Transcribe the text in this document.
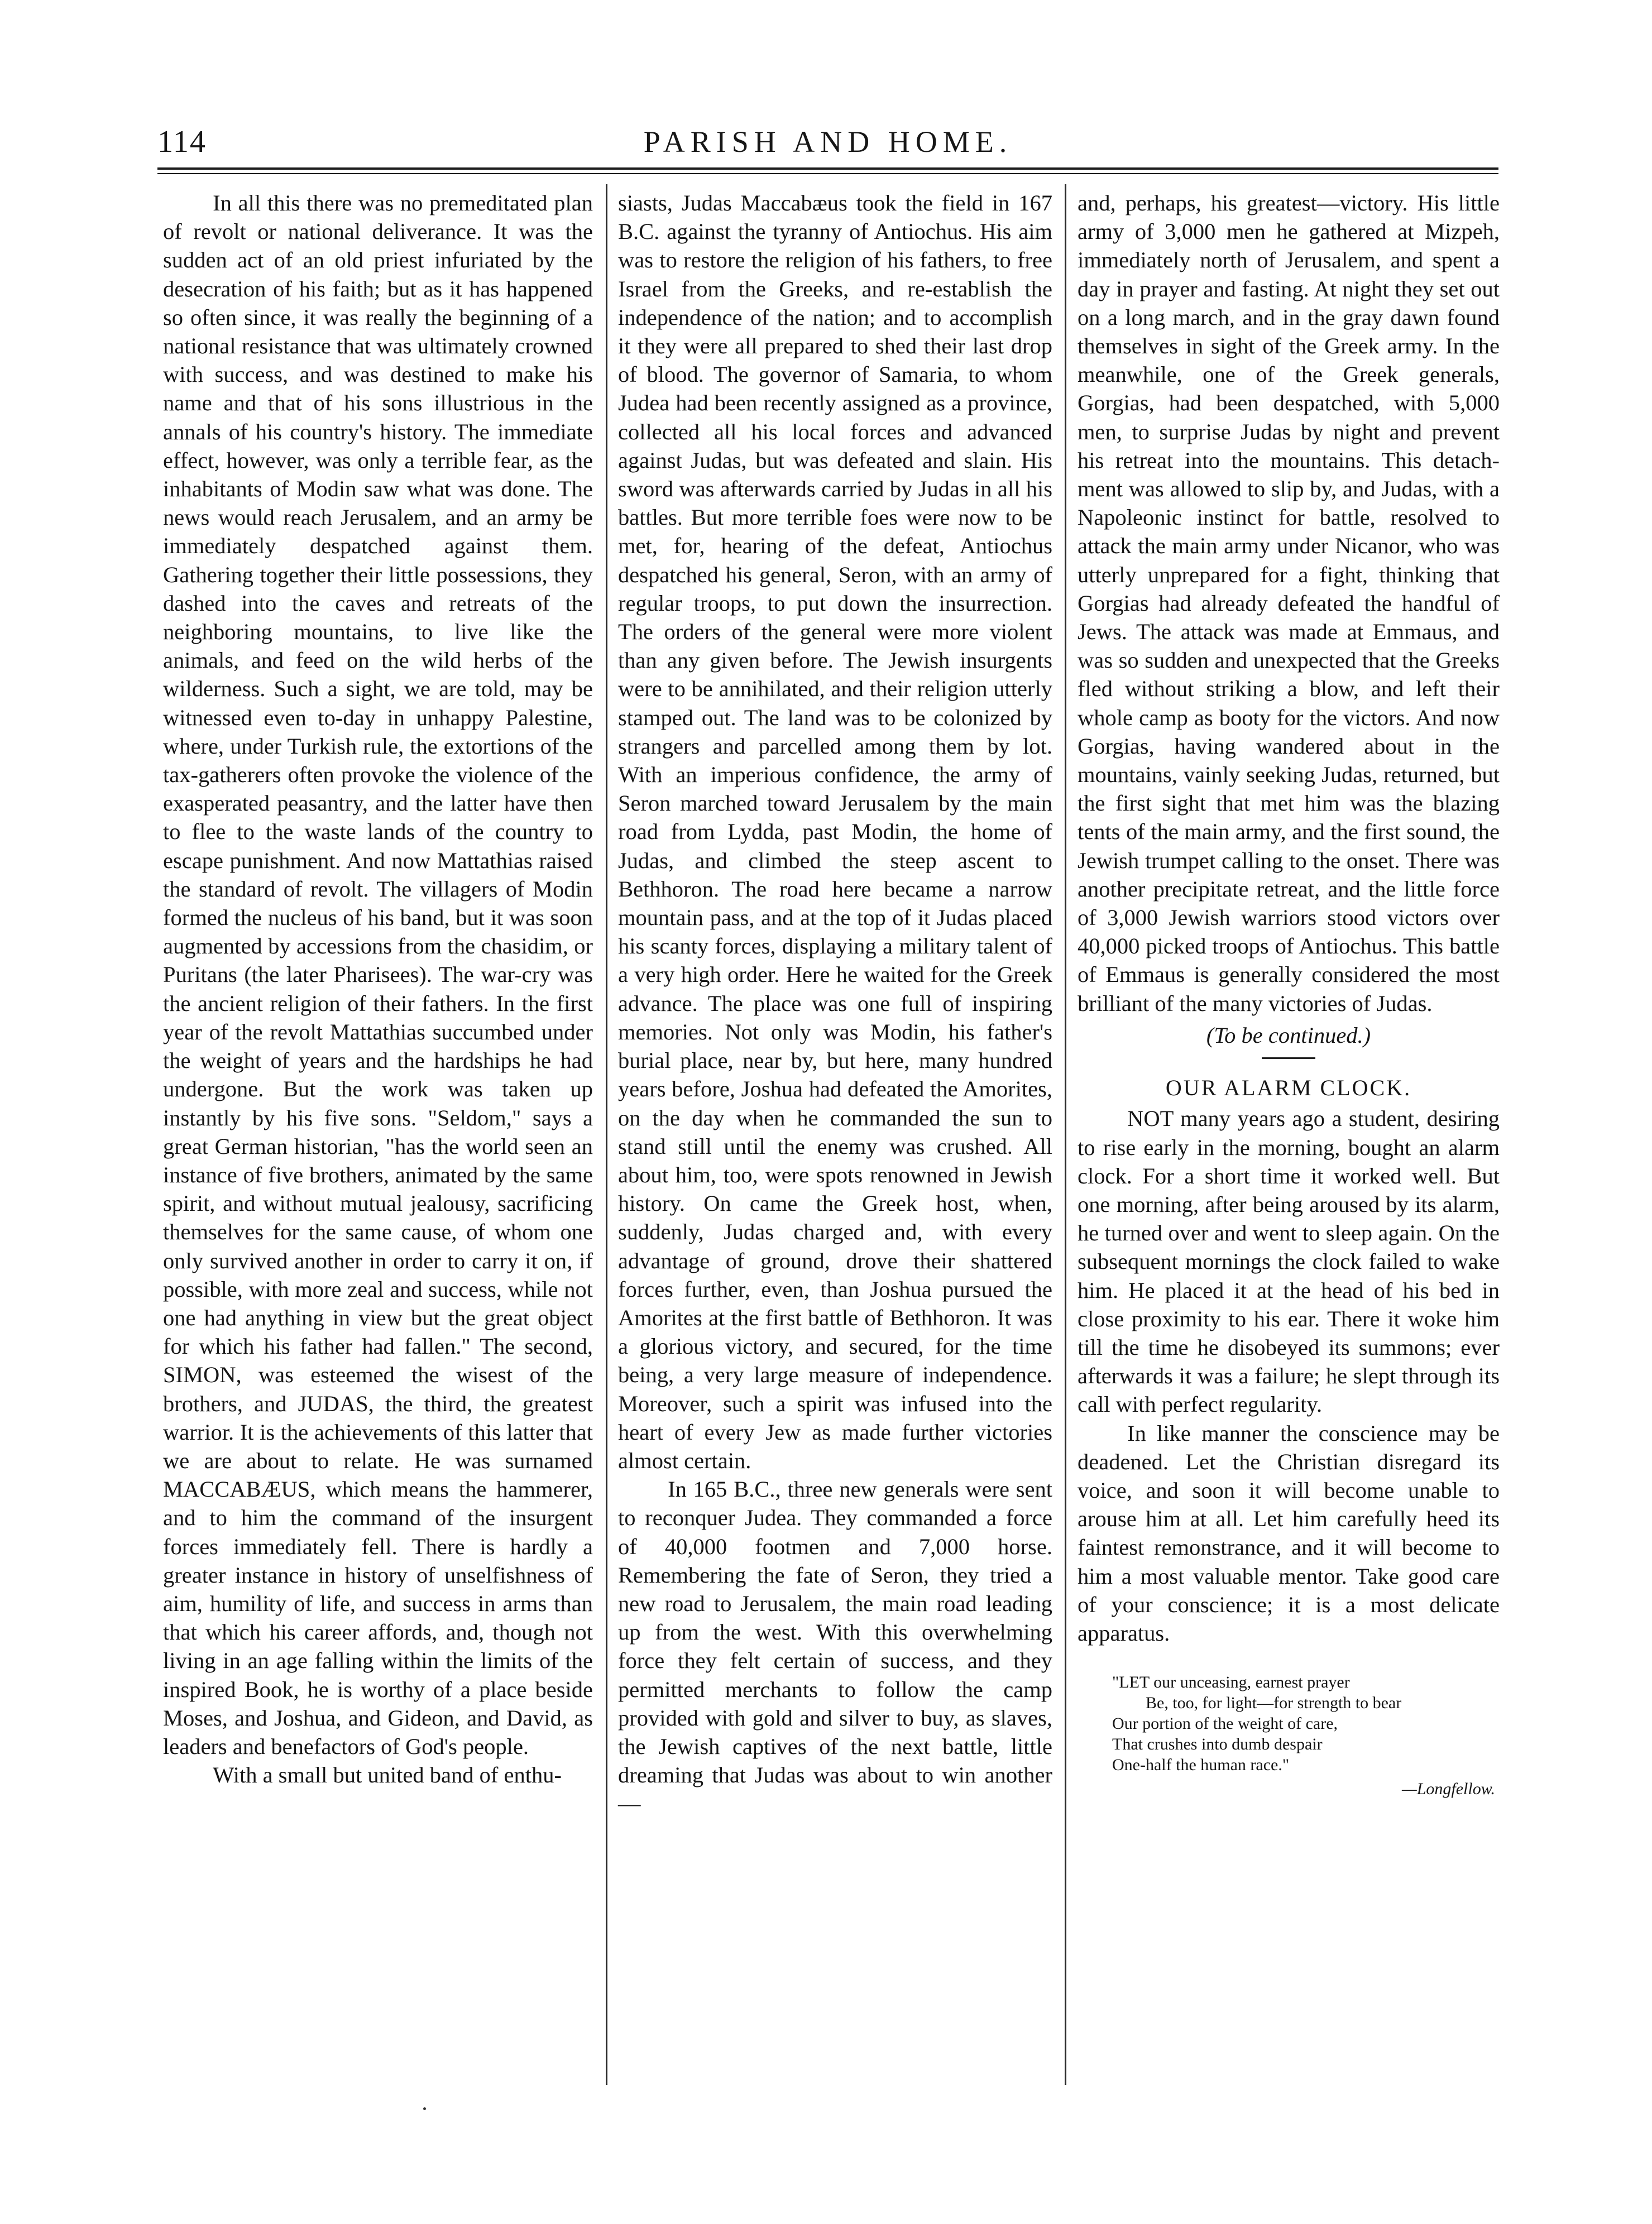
114	PARISH AND HOME.

In all this there was no premeditated plan of revolt or national deliverance. It was the sudden act of an old priest infuriated by the desecration of his faith; but as it has happened so often since, it was really the beginning of a national resistance that was ultimately crowned with success, and was destined to make his name and that of his sons illustrious in the annals of his country's history. The immediate effect, however, was only a terrible fear, as the inhabitants of Modin saw what was done. The news would reach Jerusalem, and an army be immediately despatched against them. Gathering together their little possessions, they dashed into the caves and retreats of the neighboring mountains, to live like the animals, and feed on the wild herbs of the wilderness. Such a sight, we are told, may be witnessed even to-day in unhappy Palestine, where, under Turkish rule, the extortions of the tax-gatherers often provoke the violence of the exasperated peasantry, and the latter have then to flee to the waste lands of the country to escape punishment. And now Mattathias raised the standard of revolt. The villagers of Modin formed the nucleus of his band, but it was soon augmented by accessions from the chasidim, or Puritans (the later Pharisees). The war-cry was the ancient religion of their fathers. In the first year of the revolt Mattathias succumbed under the weight of years and the hardships he had undergone. But the work was taken up instantly by his five sons. "Seldom," says a great German historian, "has the world seen an instance of five brothers, animated by the same spirit, and without mutual jealousy, sacrificing themselves for the same cause, of whom one only survived another in order to carry it on, if possible, with more zeal and success, while not one had anything in view but the great object for which his father had fallen." The second, SIMON, was esteemed the wisest of the brothers, and JUDAS, the third, the greatest warrior. It is the achievements of this latter that we are about to relate. He was surnamed MACCABÆUS, which means the hammerer, and to him the command of the insurgent forces immediately fell. There is hardly a greater instance in history of unselfishness of aim, humility of life, and success in arms than that which his career affords, and, though not living in an age falling within the limits of the inspired Book, he is worthy of a place beside Moses, and Joshua, and Gideon, and David, as leaders and benefactors of God's people.

With a small but united band of enthu-

siasts, Judas Maccabæus took the field in 167 B.C. against the tyranny of Antiochus. His aim was to restore the religion of his fathers, to free Israel from the Greeks, and re-establish the independence of the nation; and to accomplish it they were all prepared to shed their last drop of blood. The governor of Samaria, to whom Judea had been recently assigned as a province, collected all his local forces and advanced against Judas, but was defeated and slain. His sword was afterwards carried by Judas in all his battles. But more terrible foes were now to be met, for, hearing of the defeat, Antiochus despatched his general, Seron, with an army of regular troops, to put down the insurrection. The orders of the general were more violent than any given before. The Jewish insurgents were to be annihilated, and their religion utterly stamped out. The land was to be colonized by strangers and parcelled among them by lot. With an imperious confidence, the army of Seron marched toward Jerusalem by the main road from Lydda, past Modin, the home of Judas, and climbed the steep ascent to Bethhoron. The road here became a narrow mountain pass, and at the top of it Judas placed his scanty forces, displaying a military talent of a very high order. Here he waited for the Greek advance. The place was one full of inspiring memories. Not only was Modin, his father's burial place, near by, but here, many hundred years before, Joshua had defeated the Amorites, on the day when he commanded the sun to stand still until the enemy was crushed. All about him, too, were spots renowned in Jewish history. On came the Greek host, when, suddenly, Judas charged and, with every advantage of ground, drove their shattered forces further, even, than Joshua pursued the Amorites at the first battle of Bethhoron. It was a glorious victory, and secured, for the time being, a very large measure of independence. Moreover, such a spirit was infused into the heart of every Jew as made further victories almost certain.

In 165 B.C., three new generals were sent to reconquer Judea. They commanded a force of 40,000 footmen and 7,000 horse. Remembering the fate of Seron, they tried a new road to Jerusalem, the main road leading up from the west. With this overwhelming force they felt certain of success, and they permitted merchants to follow the camp provided with gold and silver to buy, as slaves, the Jewish captives of the next battle, little dreaming that Judas was about to win another—

and, perhaps, his greatest—victory. His little army of 3,000 men he gathered at Mizpeh, immediately north of Jerusalem, and spent a day in prayer and fasting. At night they set out on a long march, and in the gray dawn found themselves in sight of the Greek army. In the meanwhile, one of the Greek generals, Gorgias, had been despatched, with 5,000 men, to surprise Judas by night and prevent his retreat into the mountains. This detachment was allowed to slip by, and Judas, with a Napoleonic instinct for battle, resolved to attack the main army under Nicanor, who was utterly unprepared for a fight, thinking that Gorgias had already defeated the handful of Jews. The attack was made at Emmaus, and was so sudden and unexpected that the Greeks fled without striking a blow, and left their whole camp as booty for the victors. And now Gorgias, having wandered about in the mountains, vainly seeking Judas, returned, but the first sight that met him was the blazing tents of the main army, and the first sound, the Jewish trumpet calling to the onset. There was another precipitate retreat, and the little force of 3,000 Jewish warriors stood victors over 40,000 picked troops of Antiochus. This battle of Emmaus is generally considered the most brilliant of the many victories of Judas.

(To be continued.)

OUR ALARM CLOCK.

NOT many years ago a student, desiring to rise early in the morning, bought an alarm clock. For a short time it worked well. But one morning, after being aroused by its alarm, he turned over and went to sleep again. On the subsequent mornings the clock failed to wake him. He placed it at the head of his bed in close proximity to his ear. There it woke him till the time he disobeyed its summons; ever afterwards it was a failure; he slept through its call with perfect regularity.

In like manner the conscience may be deadened. Let the Christian disregard its voice, and soon it will become unable to arouse him at all. Let him carefully heed its faintest remonstrance, and it will become to him a most valuable mentor. Take good care of your conscience; it is a most delicate apparatus.

"LET our unceasing, earnest prayer
Be, too, for light—for strength to bear
Our portion of the weight of care,
That crushes into dumb despair
One-half the human race."
—Longfellow.
